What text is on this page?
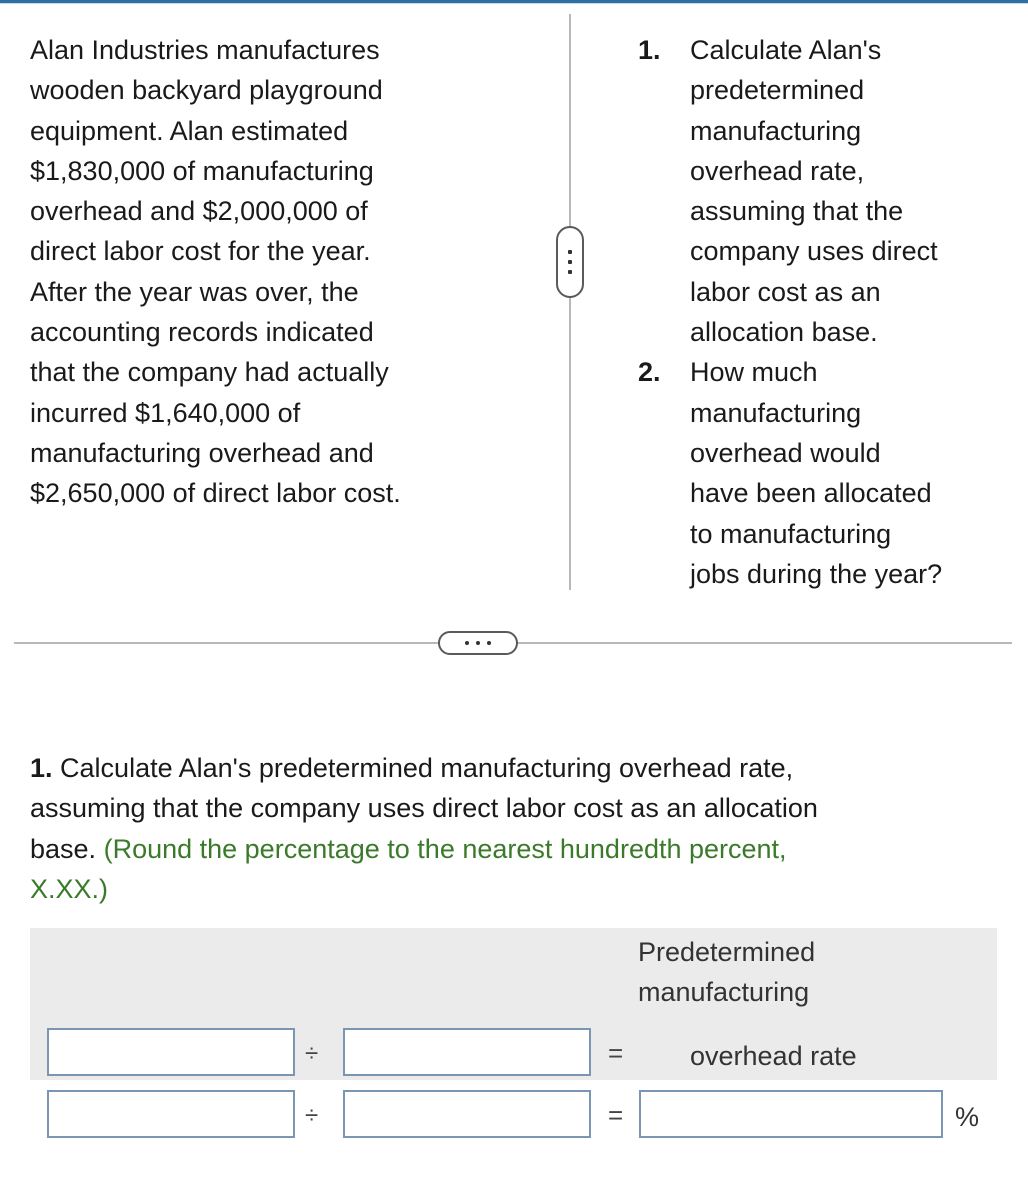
Alan Industries manufactures
wooden backyard playground
equipment. Alan estimated
$1,830,000 of manufacturing
overhead and $2,000,000 of
direct labor cost for the year.
After the year was over, the
accounting records indicated
that the company had actually
incurred $1,640,000 of
manufacturing overhead and
$2,650,000 of direct labor cost.
1.	Calculate Alan's
predetermined
manufacturing
overhead rate,
assuming that the
company uses direct
labor cost as an
allocation base.
2.	How much
manufacturing
overhead would
have been allocated
to manufacturing
jobs during the year?
1. Calculate Alan's predetermined manufacturing overhead rate,
assuming that the company uses direct labor cost as an allocation
base. (Round the percentage to the nearest hundredth percent,
X.XX.)
Predetermined
manufacturing
overhead rate
÷	=
÷	=	%
